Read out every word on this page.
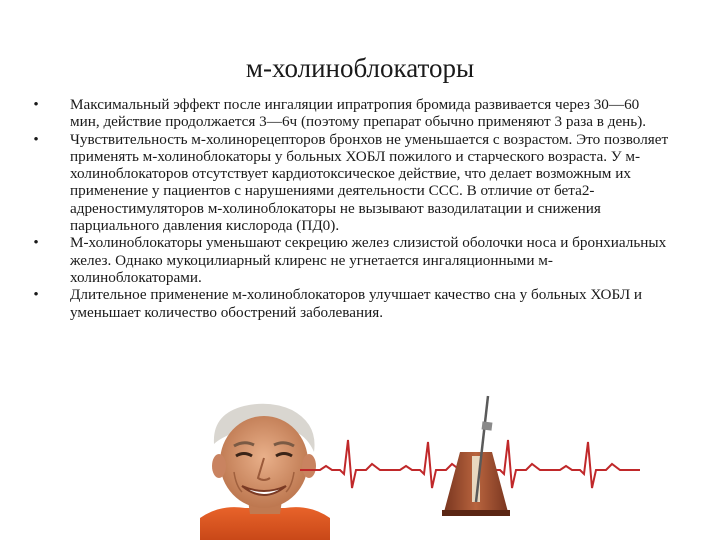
м-холиноблокаторы
• Максимальный эффект после ингаляции ипратропия бромида развивается через 30—60 мин, действие продолжается 3—6ч (поэтому препарат обычно применяют 3 раза в день).
• Чувствительность м-холинорецепторов бронхов не уменьшается с возрастом. Это позволяет применять м-холиноблокаторы у больных ХОБЛ пожилого и старческого возраста. У м-холиноблокаторов отсутствует кардиотоксическое действие, что делает возможным их применение у пациентов с нарушениями деятельности ССС. В отличие от бета2-адреностимуляторов м-холиноблокаторы не вызывают вазодилатации и снижения парциального давления кислорода (ПД0).
• М-холиноблокаторы уменьшают секрецию желез слизистой оболочки носа и бронхиальных желез. Однако мукоцилиарный клиренс не угнетается ингаляционными м-холиноблокаторами.
• Длительное применение м-холиноблокаторов улучшает качество сна у больных ХОБЛ и уменьшает количество обострений заболевания.
